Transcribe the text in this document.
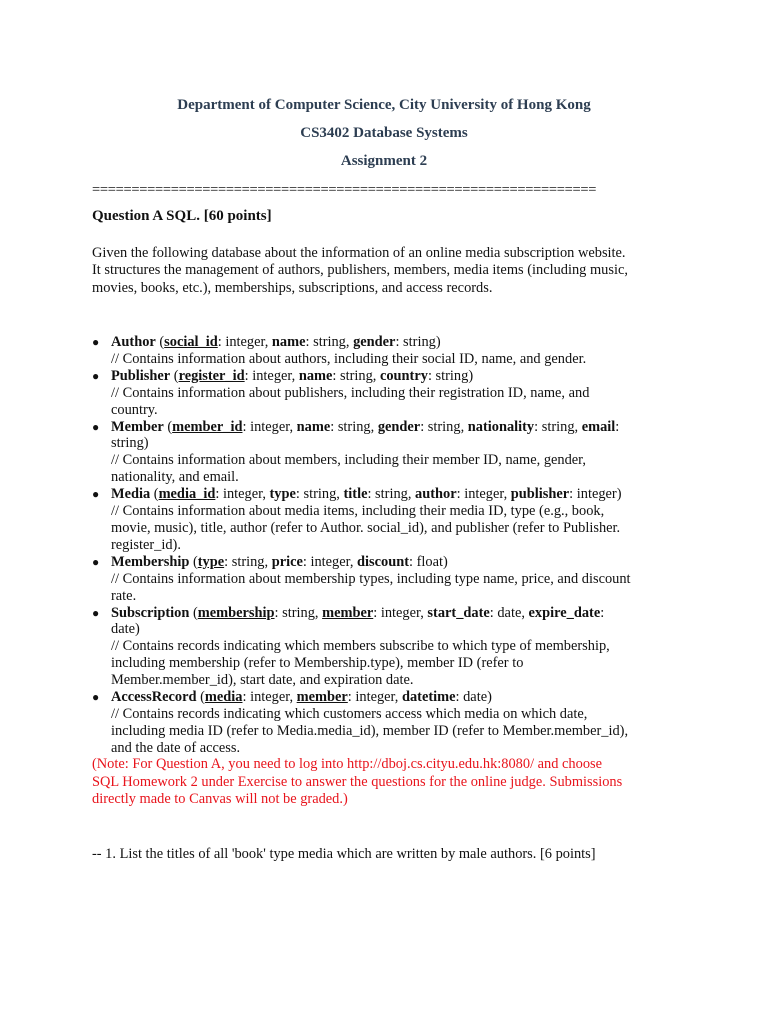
Department of Computer Science, City University of Hong Kong
CS3402 Database Systems
Assignment 2
================================================================
Question A SQL. [60 points]
Given the following database about the information of an online media subscription website.
It structures the management of authors, publishers, members, media items (including music,
movies, books, etc.), memberships, subscriptions, and access records.
● Author (social_id: integer, name: string, gender: string)
// Contains information about authors, including their social ID, name, and gender.
● Publisher (register_id: integer, name: string, country: string)
// Contains information about publishers, including their registration ID, name, and
country.
● Member (member_id: integer, name: string, gender: string, nationality: string, email:
string)
// Contains information about members, including their member ID, name, gender,
nationality, and email.
● Media (media_id: integer, type: string, title: string, author: integer, publisher: integer)
// Contains information about media items, including their media ID, type (e.g., book,
movie, music), title, author (refer to Author. social_id), and publisher (refer to Publisher.
register_id).
● Membership (type: string, price: integer, discount: float)
// Contains information about membership types, including type name, price, and discount
rate.
● Subscription (membership: string, member: integer, start_date: date, expire_date:
date)
// Contains records indicating which members subscribe to which type of membership,
including membership (refer to Membership.type), member ID (refer to
Member.member_id), start date, and expiration date.
● AccessRecord (media: integer, member: integer, datetime: date)
// Contains records indicating which customers access which media on which date,
including media ID (refer to Media.media_id), member ID (refer to Member.member_id),
and the date of access.
(Note: For Question A, you need to log into http://dboj.cs.cityu.edu.hk:8080/ and choose
SQL Homework 2 under Exercise to answer the questions for the online judge. Submissions
directly made to Canvas will not be graded.)
-- 1. List the titles of all 'book' type media which are written by male authors. [6 points]
